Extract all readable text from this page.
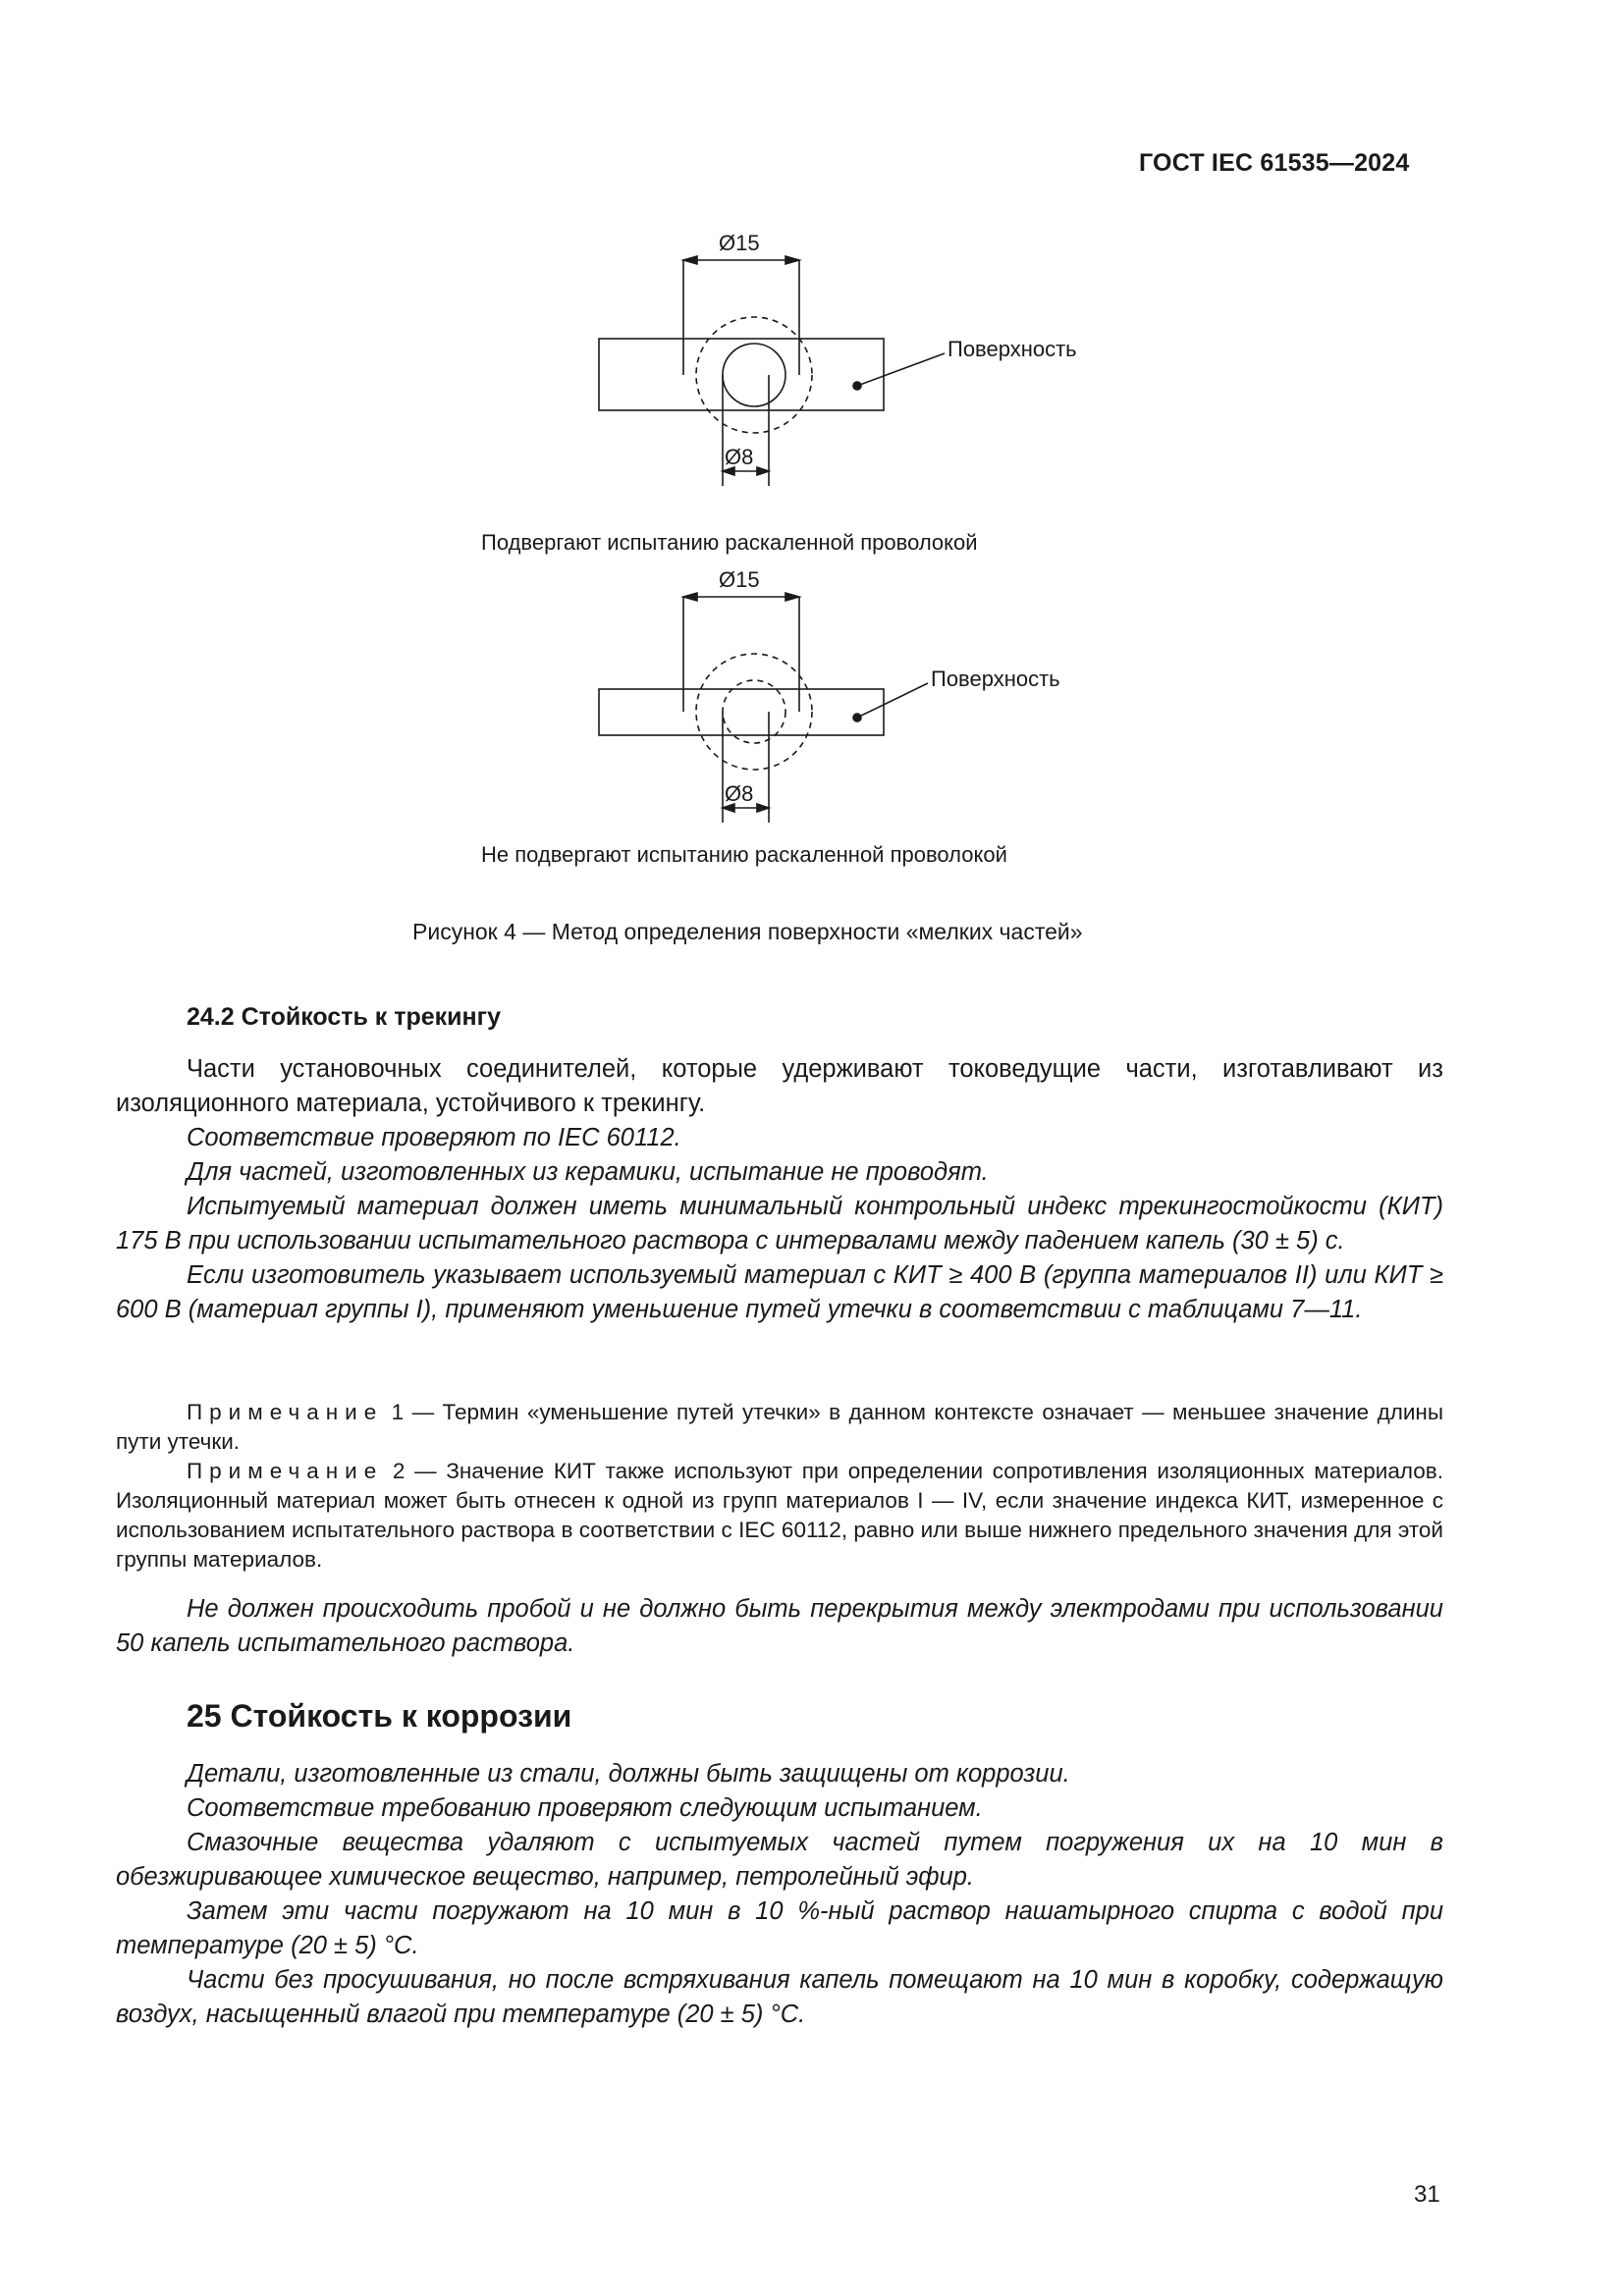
ГОСТ IEC 61535—2024
Ø15
Ø8
Поверхность
Подвергают испытанию раскаленной проволокой
Ø15
Ø8
Поверхность
Не подвергают испытанию раскаленной проволокой
Рисунок 4 — Метод определения поверхности «мелких частей»
24.2 Стойкость к трекингу

Части установочных соединителей, которые удерживают токоведущие части, изготавливают из изоляционного материала, устойчивого к трекингу.

Соответствие проверяют по IEC 60112.

Для частей, изготовленных из керамики, испытание не проводят.

Испытуемый материал должен иметь минимальный контрольный индекс трекингостойкости (КИТ) 175 В при использовании испытательного раствора с интервалами между падением капель (30 ± 5) с.

Если изготовитель указывает используемый материал с КИТ ≥ 400 В (группа материалов II) или КИТ ≥ 600 В (материал группы I), применяют уменьшение путей утечки в соответствии с таблицами 7—11.

Примечание 1 — Термин «уменьшение путей утечки» в данном контексте означает — меньшее значение длины пути утечки.

Примечание 2 — Значение КИТ также используют при определении сопротивления изоляционных материалов. Изоляционный материал может быть отнесен к одной из групп материалов I — IV, если значение индекса КИТ, измеренное с использованием испытательного раствора в соответствии с IEC 60112, равно или выше нижнего предельного значения для этой группы материалов.

Не должен происходить пробой и не должно быть перекрытия между электродами при использовании 50 капель испытательного раствора.

25 Стойкость к коррозии

Детали, изготовленные из стали, должны быть защищены от коррозии.

Соответствие требованию проверяют следующим испытанием.

Смазочные вещества удаляют с испытуемых частей путем погружения их на 10 мин в обезжиривающее химическое вещество, например, петролейный эфир.

Затем эти части погружают на 10 мин в 10 %-ный раствор нашатырного спирта с водой при температуре (20 ± 5) °С.

Части без просушивания, но после встряхивания капель помещают на 10 мин в коробку, содержащую воздух, насыщенный влагой при температуре (20 ± 5) °С.

31
